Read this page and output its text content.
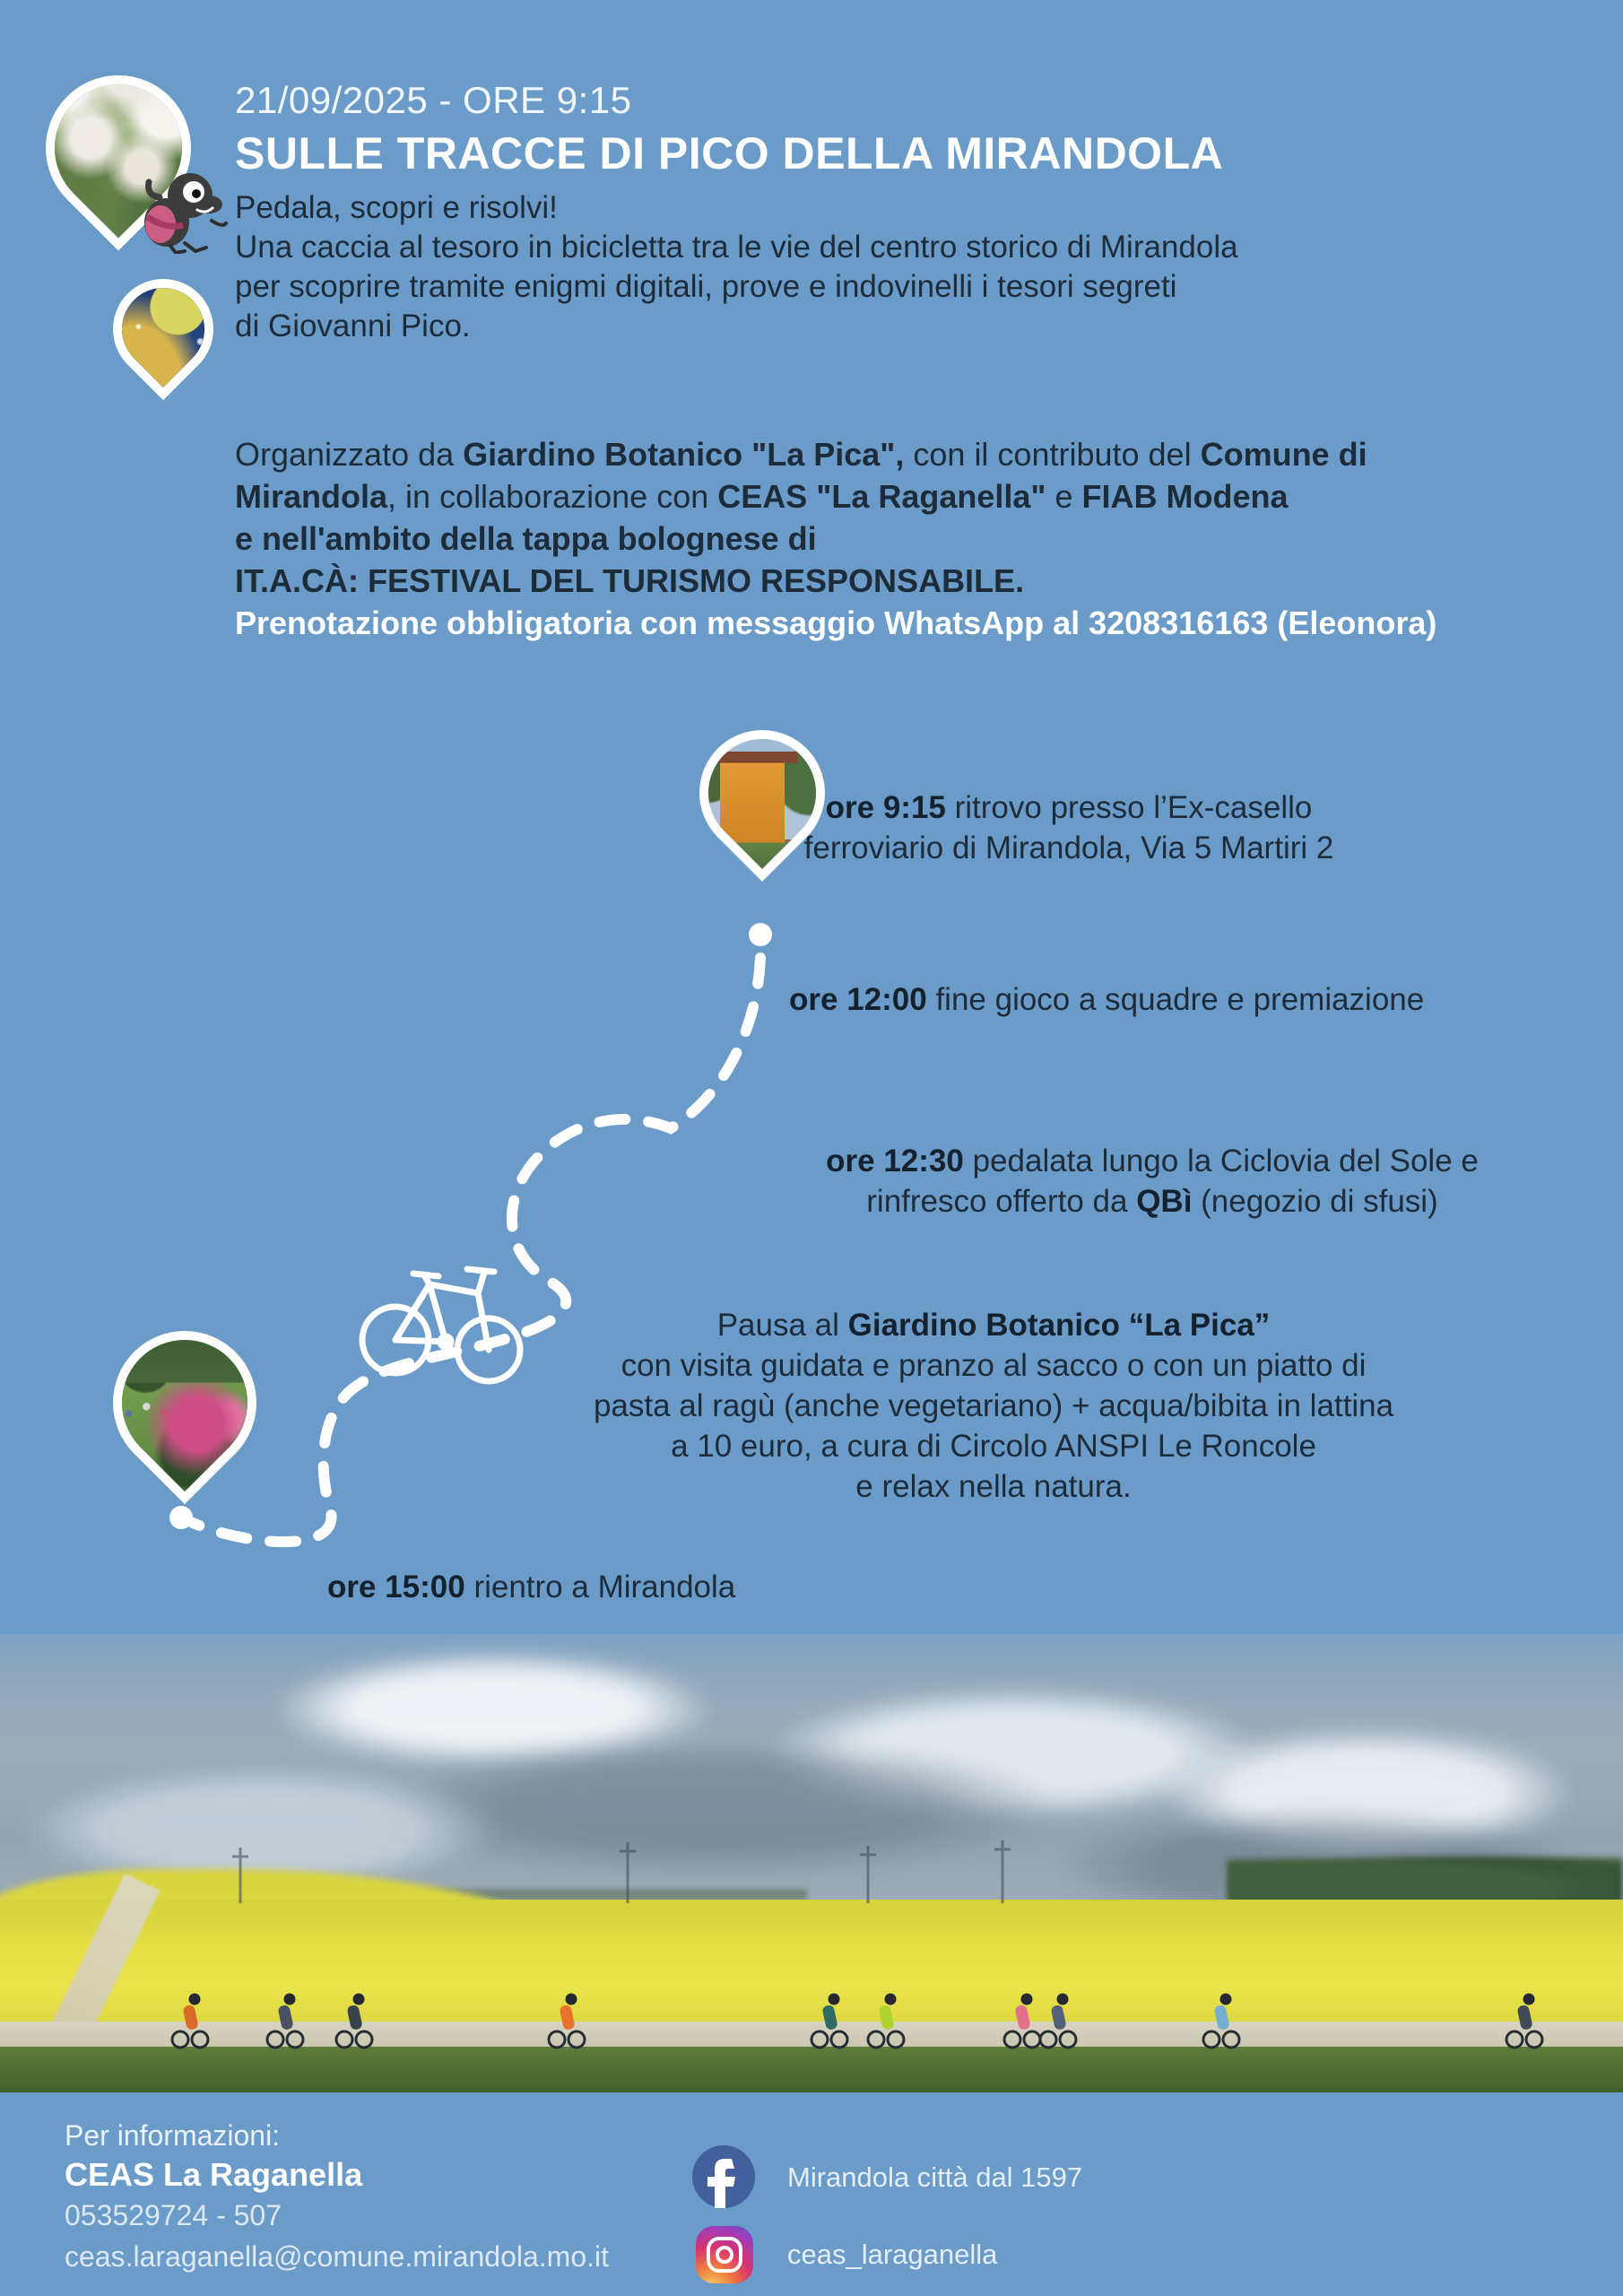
21/09/2025 - ORE 9:15
SULLE TRACCE DI PICO DELLA MIRANDOLA
Pedala, scopri e risolvi!
Una caccia al tesoro in bicicletta tra le vie del centro storico di Mirandola
per scoprire tramite enigmi digitali, prove e indovinelli i tesori segreti
di Giovanni Pico.
Organizzato da Giardino Botanico "La Pica", con il contributo del Comune di
Mirandola, in collaborazione con CEAS "La Raganella" e FIAB Modena
e nell'ambito della tappa bolognese di
IT.A.CÀ: FESTIVAL DEL TURISMO RESPONSABILE.
Prenotazione obbligatoria con messaggio WhatsApp al 3208316163 (Eleonora)
ore 9:15 ritrovo presso l’Ex-casello
ferroviario di Mirandola, Via 5 Martiri 2
ore 12:00 fine gioco a squadre e premiazione
ore 12:30 pedalata lungo la Ciclovia del Sole e
rinfresco offerto da QBì (negozio di sfusi)
Pausa al Giardino Botanico “La Pica”
con visita guidata e pranzo al sacco o con un piatto di
pasta al ragù (anche vegetariano) + acqua/bibita in lattina
a 10 euro, a cura di Circolo ANSPI Le Roncole
e relax nella natura.
ore 15:00 rientro a Mirandola
Per informazioni:
CEAS La Raganella
053529724 - 507
ceas.laraganella@comune.mirandola.mo.it
Mirandola città dal 1597
ceas_laraganella
